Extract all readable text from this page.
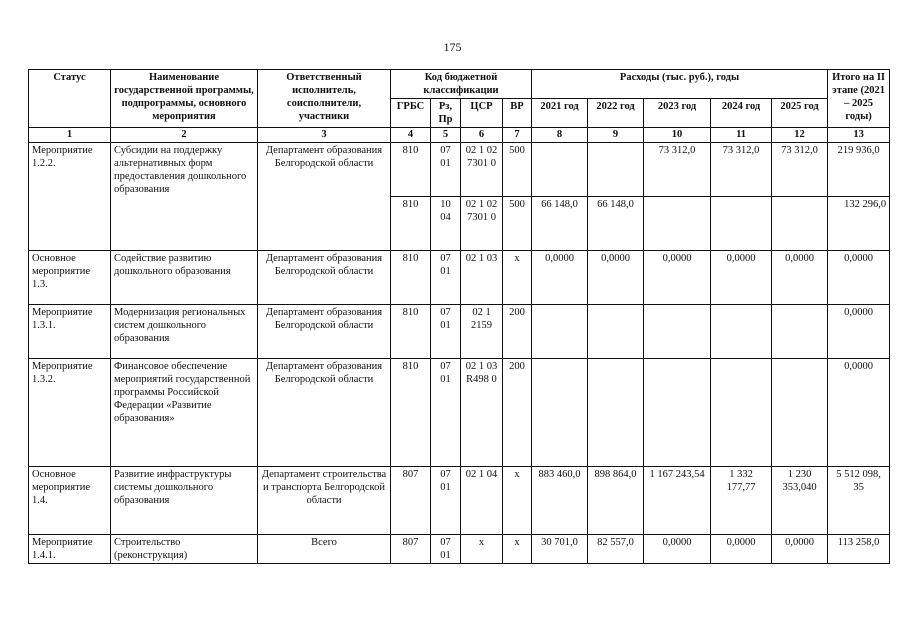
175
Статус	Наименование государственной программы, подпрограммы, основного мероприятия	Ответственный исполнитель, соисполнители, участники	Код бюджетной классификации				Расходы (тыс. руб.), годы					Итого на II этапе (2021 – 2025 годы)
			ГРБС	Рз, Пр	ЦСР	ВР	2021 год	2022 год	2023 год	2024 год	2025 год	
1	2	3	4	5	6	7	8	9	10	11	12	13
Мероприятие 1.2.2.	Субсидии на поддержку альтернативных форм предоставления дошкольного образования	Департамент образования Белгородской области	810	07 01	02 1 02 7301 0	500			73 312,0	73 312,0	73 312,0	219 936,0
			810	10 04	02 1 02 7301 0	500	66 148,0	66 148,0				132 296,0
Основное мероприятие 1.3.	Содействие развитию дошкольного образования	Департамент образования Белгородской области	810	07 01	02 1 03	х	0,0000	0,0000	0,0000	0,0000	0,0000	0,0000
Мероприятие 1.3.1.	Модернизация региональных систем дошкольного образования	Департамент образования Белгородской области	810	07 01	02 1 2159	200						0,0000
Мероприятие 1.3.2.	Финансовое обеспечение мероприятий государственной программы Российской Федерации «Развитие образования»	Департамент образования Белгородской области	810	07 01	02 1 03 R498 0	200						0,0000
Основное мероприятие 1.4.	Развитие инфраструктуры системы дошкольного образования	Департамент строительства и транспорта Белгородской области	807	07 01	02 1 04	х	883 460,0	898 864,0	1 167 243,54	1 332 177,77	1 230 353,040	5 512 098, 35
Мероприятие 1.4.1.	Строительство (реконструкция)	Всего	807	07 01	х	х	30 701,0	82 557,0	0,0000	0,0000	0,0000	113 258,0
